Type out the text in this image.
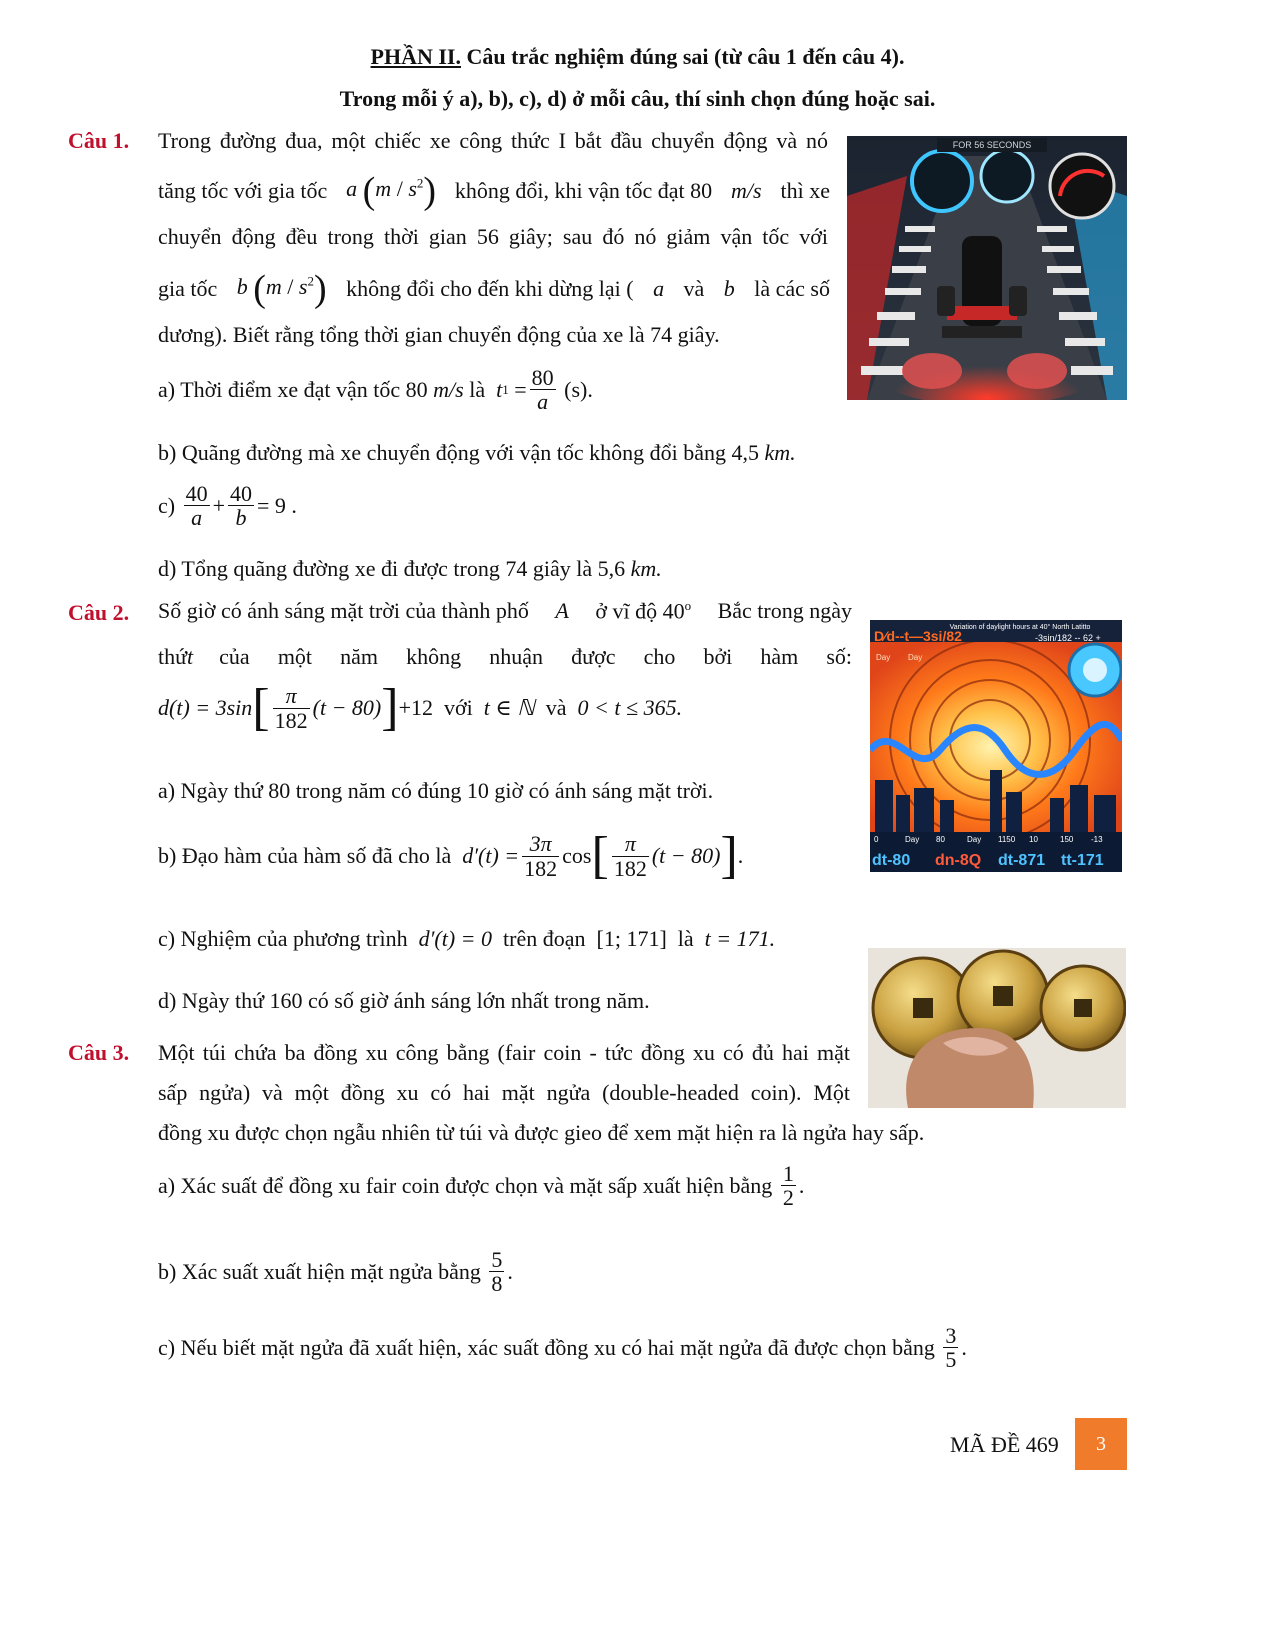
PHẦN II. Câu trắc nghiệm đúng sai (từ câu 1 đến câu 4).
Trong mỗi ý a), b), c), d) ở mỗi câu, thí sinh chọn đúng hoặc sai.
Câu 1. Trong đường đua, một chiếc xe công thức I bắt đầu chuyển động và nó
tăng tốc với gia tốc a $(m / s^2)$ không đổi, khi vận tốc đạt 80 m/s thì xe
chuyển động đều trong thời gian 56 giây; sau đó nó giảm vận tốc với
gia tốc b $(m / s^2)$ không đổi cho đến khi dừng lại ( a và b là các số
dương). Biết rằng tổng thời gian chuyển động của xe là 74 giây.
a) Thời điểm xe đạt vận tốc 80
m/s
là
t $1 = \frac{80}{a}$
(s).
b) Quãng đường mà xe chuyển động với vận tốc không đổi bằng 4,5 km.
c)
$\frac{40}{a} + \frac{40}{b} = 9$ .
d) Tổng quãng đường xe đi được trong 74 giây là 5,6 km.
FOR 56 SECONDS
Câu 2. Số giờ có ánh sáng mặt trời của thành phố A ở vĩ độ 40$^o$ Bắc trong ngày
thứ t của một năm không nhuận được cho bởi hàm số:
d(t) = 3sin [ $\frac{\pi}{182} (t - 80)$ ] +12
với
t ∈ ℕ
và
0 < t ≤ 365.
a) Ngày thứ 80 trong năm có đúng 10 giờ có ánh sáng mặt trời.
b) Đạo hàm của hàm số đã cho là
$d'(t) = \frac{3\pi}{182}$ cos [ $\frac{\pi}{182} (t - 80)$ ] .
c) Nghiệm của phương trình
d′(t) = 0
trên đoạn
[1; 171]
là
t = 171.
d) Ngày thứ 160 có số giờ ánh sáng lớn nhất trong năm.
Variation of daylight hours at 40° North Latitto
D⁄d--t—3si/82	-3sin/182 -- 62 +
Day Day
0	Day 80	Day 1150 10	150 -13
dt-80 dn-8Q dt-871 tt-171
Câu 3. Một túi chứa ba đồng xu công bằng (fair coin - tức đồng xu có đủ hai mặt
sấp ngửa) và một đồng xu có hai mặt ngửa (double-headed coin). Một
đồng xu được chọn ngẫu nhiên từ túi và được gieo để xem mặt hiện ra là ngửa hay sấp.
a) Xác suất để đồng xu fair coin được chọn và mặt sấp xuất hiện bằng
$\frac{1}{2}$ .
b) Xác suất xuất hiện mặt ngửa bằng
$\frac{5}{8}$ .
c) Nếu biết mặt ngửa đã xuất hiện, xác suất đồng xu có hai mặt ngửa đã được chọn bằng
$\frac{3}{5}$ .
MÃ ĐỀ 469	3
